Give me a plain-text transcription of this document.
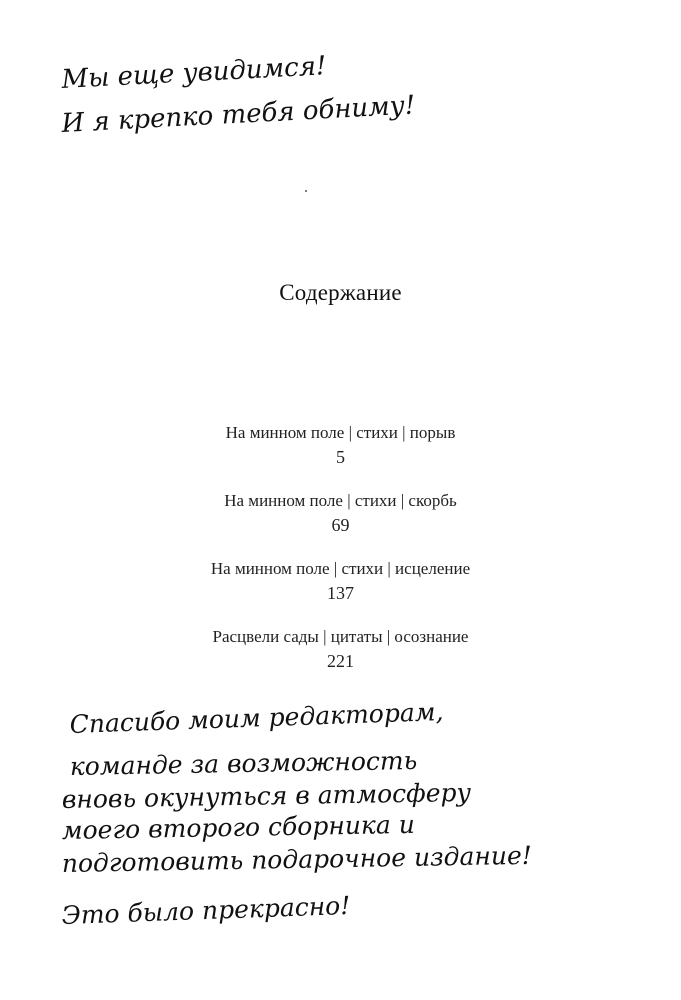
Мы еще увидимся!
И я крепко тебя обниму!
Спасибо моим редакторам,
команде за возможность
вновь окунуться в атмосферу
моего второго сборника и
подготовить подарочное издание!
Это было прекрасно!
Содержание
На минном поле | стихи | порыв
5
На минном поле | стихи | скорбь
69
На минном поле | стихи | исцеление
137
Расцвели сады | цитаты | осознание
221
